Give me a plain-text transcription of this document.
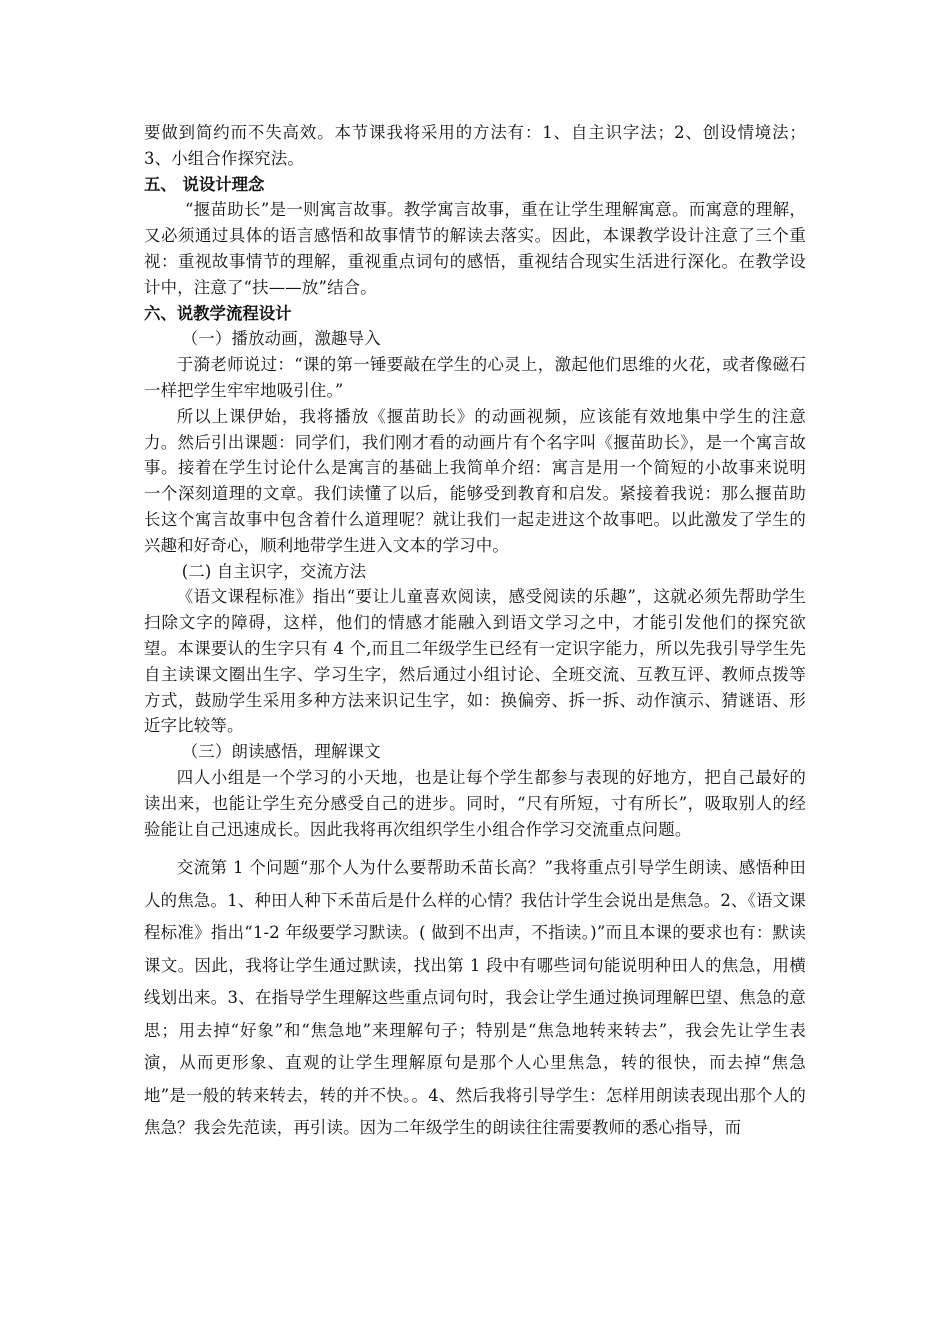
要做到简约而不失高效。本节课我将采用的方法有：1、自主识字法；2、创设情境法；3、小组合作探究法。

五、 说设计理念

“揠苗助长”是一则寓言故事。教学寓言故事，重在让学生理解寓意。而寓意的理解，又必须通过具体的语言感悟和故事情节的解读去落实。因此，本课教学设计注意了三个重视：重视故事情节的理解，重视重点词句的感悟，重视结合现实生活进行深化。在教学设计中，注意了“扶——放”结合。

六、说教学流程设计

（一）播放动画，激趣导入

于漪老师说过：“课的第一锤要敲在学生的心灵上，激起他们思维的火花，或者像磁石一样把学生牢牢地吸引住。”

所以上课伊始，我将播放《揠苗助长》的动画视频，应该能有效地集中学生的注意力。然后引出课题：同学们，我们刚才看的动画片有个名字叫《揠苗助长》，是一个寓言故事。接着在学生讨论什么是寓言的基础上我简单介绍：寓言是用一个简短的小故事来说明一个深刻道理的文章。我们读懂了以后，能够受到教育和启发。紧接着我说：那么揠苗助长这个寓言故事中包含着什么道理呢？就让我们一起走进这个故事吧。以此激发了学生的兴趣和好奇心，顺利地带学生进入文本的学习中。

(二) 自主识字，交流方法

《语文课程标准》指出“要让儿童喜欢阅读，感受阅读的乐趣”，这就必须先帮助学生扫除文字的障碍，这样，他们的情感才能融入到语文学习之中，才能引发他们的探究欲望。本课要认的生字只有 4 个,而且二年级学生已经有一定识字能力，所以先我引导学生先自主读课文圈出生字、学习生字，然后通过小组讨论、全班交流、互教互评、教师点拨等方式，鼓励学生采用多种方法来识记生字，如：换偏旁、拆一拆、动作演示、猜谜语、形近字比较等。

（三）朗读感悟，理解课文

四人小组是一个学习的小天地，也是让每个学生都参与表现的好地方，把自己最好的读出来，也能让学生充分感受自己的进步。同时，“尺有所短，寸有所长”，吸取别人的经验能让自己迅速成长。因此我将再次组织学生小组合作学习交流重点问题。

交流第 1 个问题“那个人为什么要帮助禾苗长高？”我将重点引导学生朗读、感悟种田人的焦急。1、种田人种下禾苗后是什么样的心情？我估计学生会说出是焦急。2、《语文课程标准》指出“1-2 年级要学习默读。( 做到不出声，不指读。)”而且本课的要求也有：默读课文。因此，我将让学生通过默读，找出第 1 段中有哪些词句能说明种田人的焦急，用横线划出来。3、在指导学生理解这些重点词句时，我会让学生通过换词理解巴望、焦急的意思；用去掉“好象”和“焦急地”来理解句子；特别是“焦急地转来转去”，我会先让学生表演，从而更形象、直观的让学生理解原句是那个人心里焦急，转的很快，而去掉“焦急地”是一般的转来转去，转的并不快。。4、然后我将引导学生：怎样用朗读表现出那个人的焦急？我会先范读，再引读。因为二年级学生的朗读往往需要教师的悉心指导，而
